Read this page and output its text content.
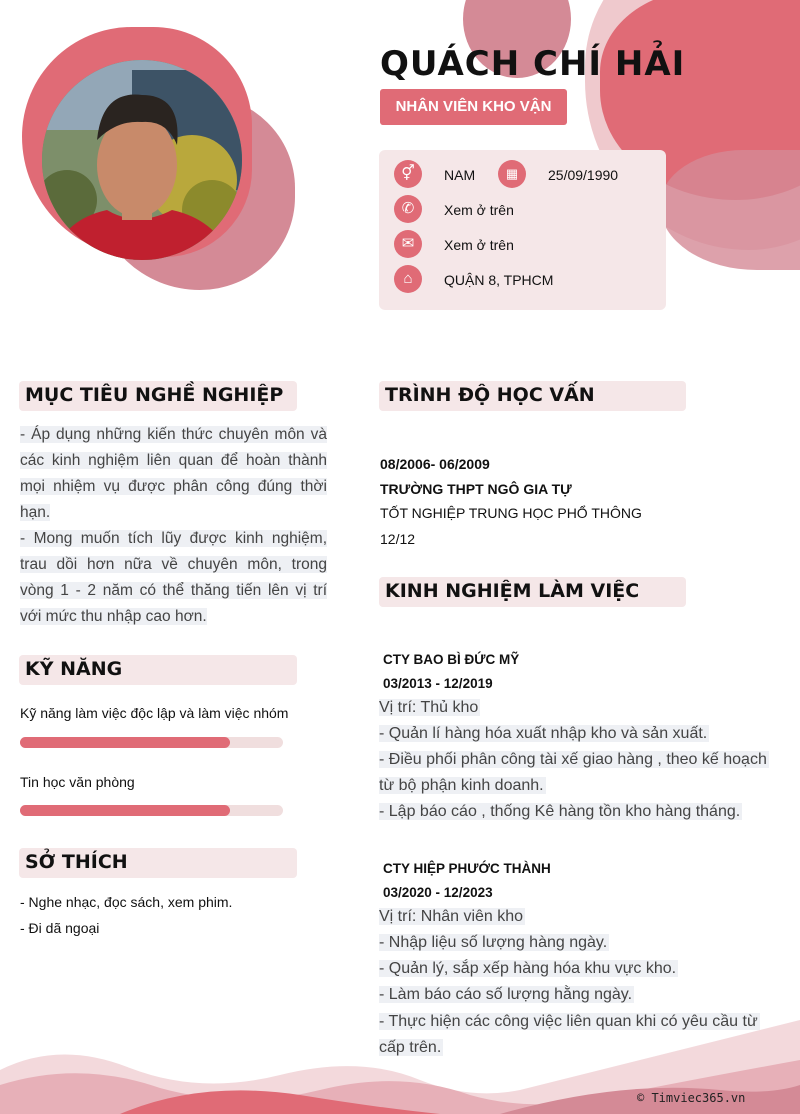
QUÁCH CHÍ HẢI
NHÂN VIÊN KHO VẬN
⚥	NAM	▦	25/09/1990
✆	Xem ở trên
✉	Xem ở trên
⌂	QUẬN 8, TPHCM
MỤC TIÊU NGHỀ NGHIỆP
- Áp dụng những kiến thức chuyên môn và
các kinh nghiệm liên quan để hoàn thành
mọi nhiệm vụ được phân công đúng thời
hạn.
- Mong muốn tích lũy được kinh nghiệm,
trau dồi hơn nữa về chuyên môn, trong
vòng 1 - 2 năm có thể thăng tiến lên vị trí
với mức thu nhập cao hơn.
KỸ NĂNG
Kỹ năng làm việc độc lập và làm việc nhóm
Tin học văn phòng
SỞ THÍCH
- Nghe nhạc, đọc sách, xem phim.
- Đi dã ngoại
TRÌNH ĐỘ HỌC VẤN
08/2006- 06/2009
TRƯỜNG THPT NGÔ GIA TỰ
TỐT NGHIỆP TRUNG HỌC PHỔ THÔNG
12/12
KINH NGHIỆM LÀM VIỆC
CTY BAO BÌ ĐỨC MỸ
03/2013 - 12/2019
Vị trí: Thủ kho
- Quản lí hàng hóa xuất nhập kho và sản xuất.
- Điều phối phân công tài xế giao hàng , theo kế hoạch
từ bộ phận kinh doanh.
- Lập báo cáo , thống Kê hàng tồn kho hàng tháng.
CTY HIỆP PHƯỚC THÀNH
03/2020 - 12/2023
Vị trí: Nhân viên kho
- Nhập liệu số lượng hàng ngày.
- Quản lý, sắp xếp hàng hóa khu vực kho.
- Làm báo cáo số lượng hằng ngày.
- Thực hiện các công việc liên quan khi có yêu cầu từ
cấp trên.
© Timviec365.vn
